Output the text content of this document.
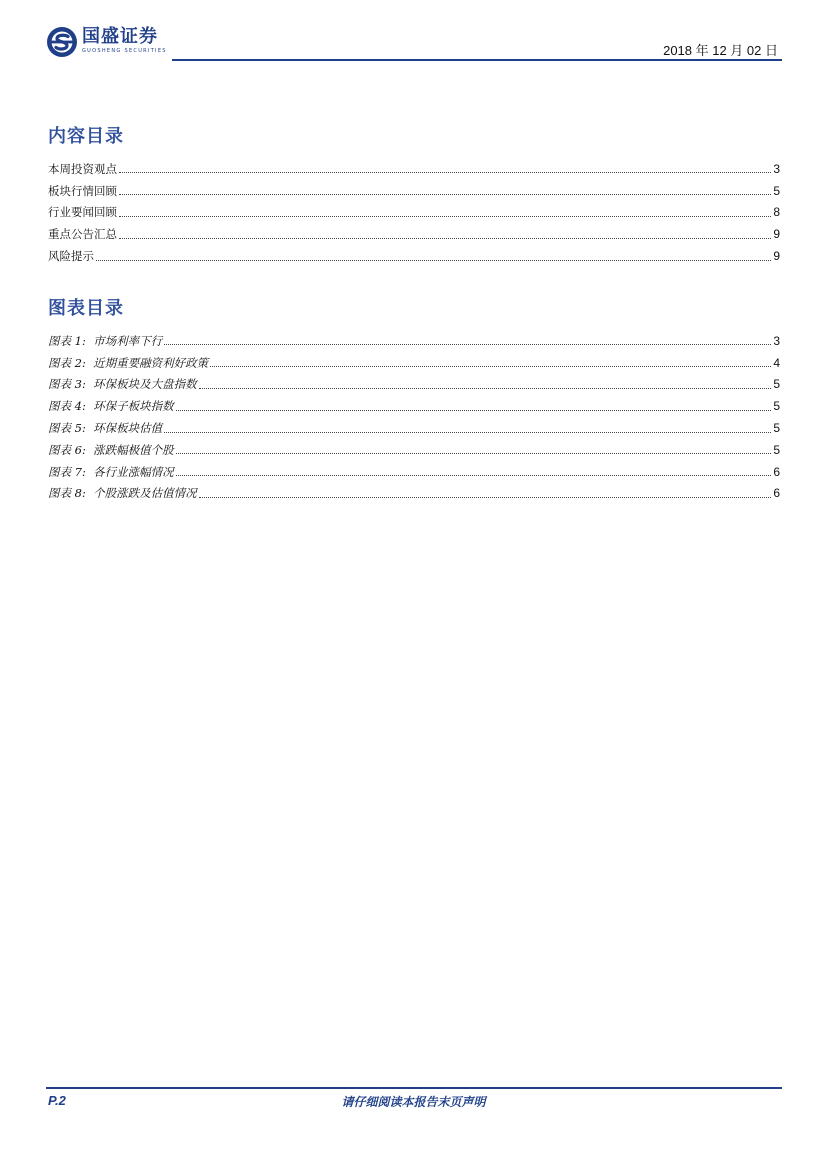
国盛证券
GUOSHENG SECURITIES	2018 年 12 月 02 日
内容目录
本周投资观点	3
板块行情回顾	5
行业要闻回顾	8
重点公告汇总	9
风险提示	9
图表目录
图表 1: 市场利率下行	3
图表 2: 近期重要融资利好政策	4
图表 3: 环保板块及大盘指数	5
图表 4: 环保子板块指数	5
图表 5: 环保板块估值	5
图表 6: 涨跌幅极值个股	5
图表 7: 各行业涨幅情况	6
图表 8: 个股涨跌及估值情况	6
P.2	请仔细阅读本报告末页声明
